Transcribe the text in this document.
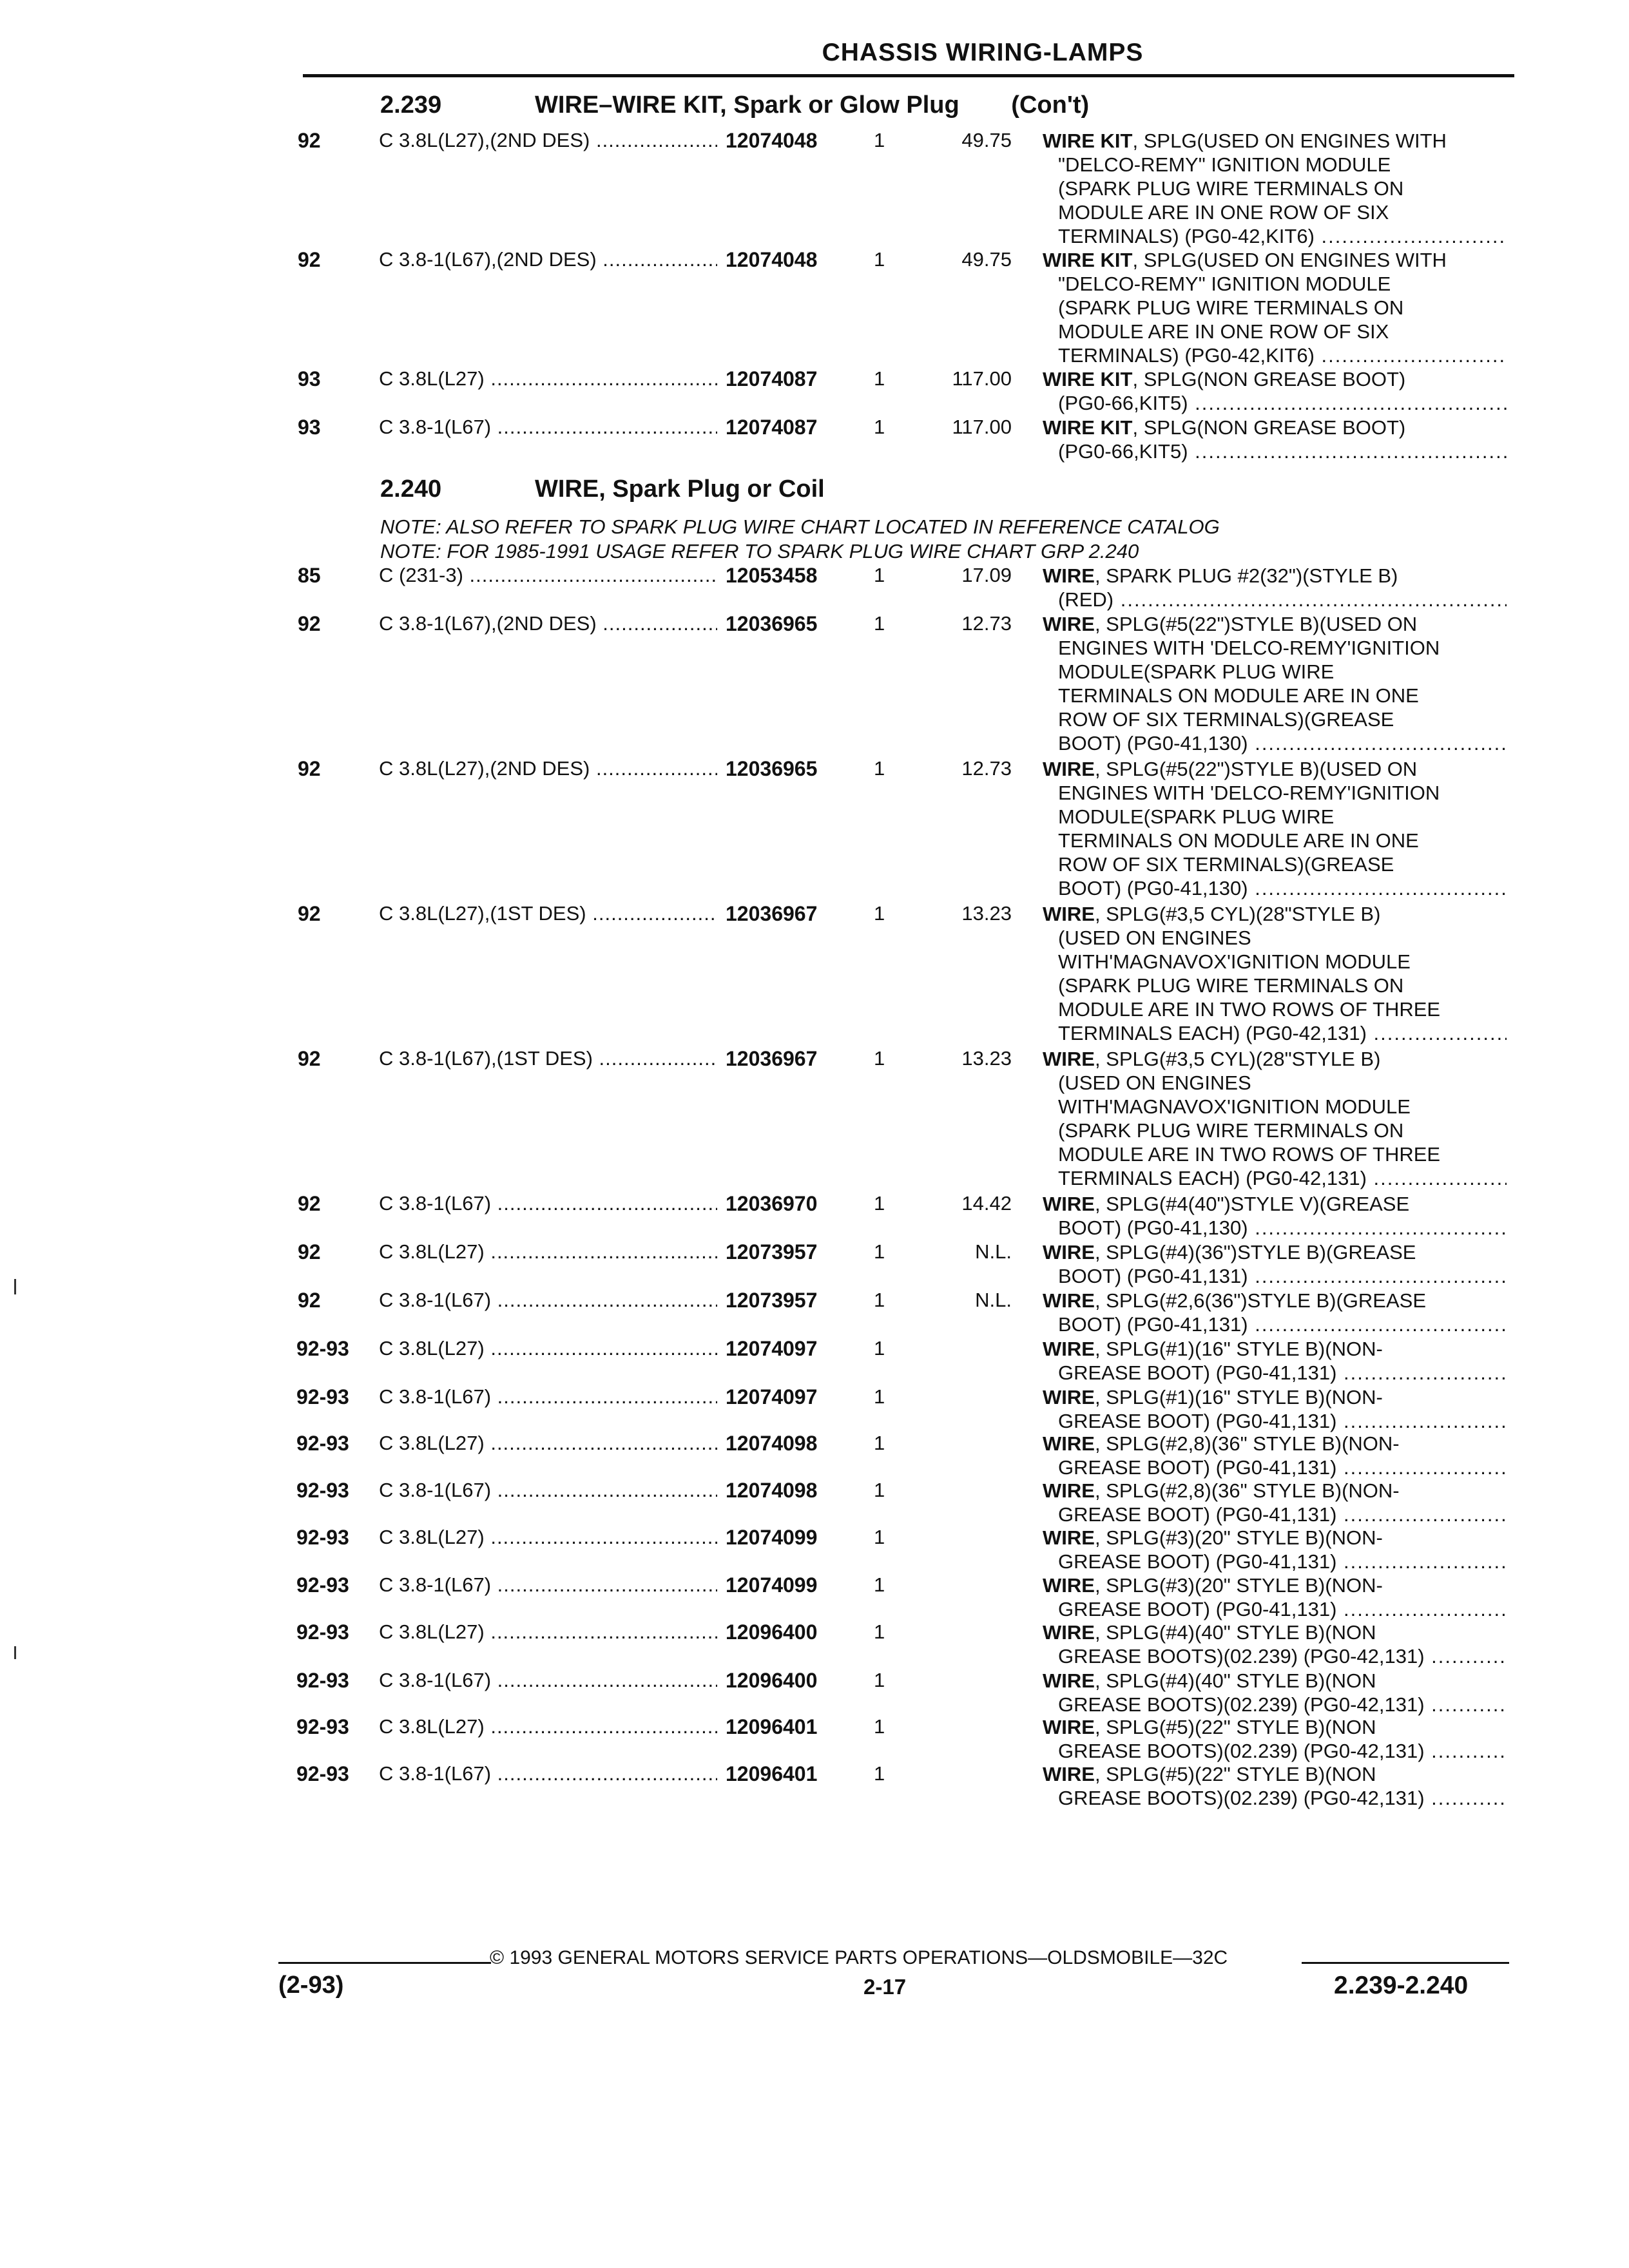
CHASSIS WIRING-LAMPS
2.239	WIRE–WIRE KIT, Spark or Glow Plug (Con't)
92	C 3.8L(L27),(2ND DES) .....	12074048	1	49.75 WIRE KIT, SPLG(USED ON ENGINES WITH
"DELCO-REMY" IGNITION MODULE
(SPARK PLUG WIRE TERMINALS ON
MODULE ARE IN ONE ROW OF SIX
TERMINALS) (PG0-42,KIT6) .....
92	C 3.8-1(L67),(2ND DES) .....	12074048	1	49.75 WIRE KIT, SPLG(USED ON ENGINES WITH
"DELCO-REMY" IGNITION MODULE
(SPARK PLUG WIRE TERMINALS ON
MODULE ARE IN ONE ROW OF SIX
TERMINALS) (PG0-42,KIT6) .....
93	C 3.8L(L27) .....	12074087	1	117.00 WIRE KIT, SPLG(NON GREASE BOOT)
(PG0-66,KIT5) .....
93	C 3.8-1(L67) .....	12074087	1	117.00 WIRE KIT, SPLG(NON GREASE BOOT)
(PG0-66,KIT5) .....
2.240	WIRE, Spark Plug or Coil
NOTE: ALSO REFER TO SPARK PLUG WIRE CHART LOCATED IN REFERENCE CATALOG
NOTE: FOR 1985-1991 USAGE REFER TO SPARK PLUG WIRE CHART GRP 2.240
85	C (231-3) .....	12053458	1	17.09 WIRE, SPARK PLUG #2(32")(STYLE B)
(RED) .....
92	C 3.8-1(L67),(2ND DES) .....	12036965	1	12.73 WIRE, SPLG(#5(22")STYLE B)(USED ON
ENGINES WITH 'DELCO-REMY'IGNITION
MODULE(SPARK PLUG WIRE
TERMINALS ON MODULE ARE IN ONE
ROW OF SIX TERMINALS)(GREASE
BOOT) (PG0-41,130) .....
92	C 3.8L(L27),(2ND DES) .....	12036965	1	12.73 WIRE, SPLG(#5(22")STYLE B)(USED ON
ENGINES WITH 'DELCO-REMY'IGNITION
MODULE(SPARK PLUG WIRE
TERMINALS ON MODULE ARE IN ONE
ROW OF SIX TERMINALS)(GREASE
BOOT) (PG0-41,130) .....
92	C 3.8L(L27),(1ST DES) .....	12036967	1	13.23 WIRE, SPLG(#3,5 CYL)(28"STYLE B)
(USED ON ENGINES
WITH'MAGNAVOX'IGNITION MODULE
(SPARK PLUG WIRE TERMINALS ON
MODULE ARE IN TWO ROWS OF THREE
TERMINALS EACH) (PG0-42,131) .....
92	C 3.8-1(L67),(1ST DES) .....	12036967	1	13.23 WIRE, SPLG(#3,5 CYL)(28"STYLE B)
(USED ON ENGINES
WITH'MAGNAVOX'IGNITION MODULE
(SPARK PLUG WIRE TERMINALS ON
MODULE ARE IN TWO ROWS OF THREE
TERMINALS EACH) (PG0-42,131) .....
92	C 3.8-1(L67) .....	12036970	1	14.42 WIRE, SPLG(#4(40")STYLE V)(GREASE
BOOT) (PG0-41,130) .....
92	C 3.8L(L27) .....	12073957	1	N.L. WIRE, SPLG(#4)(36")STYLE B)(GREASE
BOOT) (PG0-41,131) .....
92	C 3.8-1(L67) .....	12073957	1	N.L. WIRE, SPLG(#2,6(36")STYLE B)(GREASE
BOOT) (PG0-41,131) .....
92-93 C 3.8L(L27) .....	12074097	1	WIRE, SPLG(#1)(16" STYLE B)(NON-
GREASE BOOT) (PG0-41,131) .....
92-93 C 3.8-1(L67) .....	12074097	1	WIRE, SPLG(#1)(16" STYLE B)(NON-
GREASE BOOT) (PG0-41,131) .....
92-93 C 3.8L(L27) .....	12074098	1	WIRE, SPLG(#2,8)(36" STYLE B)(NON-
GREASE BOOT) (PG0-41,131) .....
92-93 C 3.8-1(L67) .....	12074098	1	WIRE, SPLG(#2,8)(36" STYLE B)(NON-
GREASE BOOT) (PG0-41,131) .....
92-93 C 3.8L(L27) .....	12074099	1	WIRE, SPLG(#3)(20" STYLE B)(NON-
GREASE BOOT) (PG0-41,131) .....
92-93 C 3.8-1(L67) .....	12074099	1	WIRE, SPLG(#3)(20" STYLE B)(NON-
GREASE BOOT) (PG0-41,131) .....
92-93 C 3.8L(L27) .....	12096400	1	WIRE, SPLG(#4)(40" STYLE B)(NON
GREASE BOOTS)(02.239) (PG0-42,131) .....
92-93 C 3.8-1(L67) .....	12096400	1	WIRE, SPLG(#4)(40" STYLE B)(NON
GREASE BOOTS)(02.239) (PG0-42,131) .....
92-93 C 3.8L(L27) .....	12096401	1	WIRE, SPLG(#5)(22" STYLE B)(NON
GREASE BOOTS)(02.239) (PG0-42,131) .....
92-93 C 3.8-1(L67) .....	12096401	1	WIRE, SPLG(#5)(22" STYLE B)(NON
GREASE BOOTS)(02.239) (PG0-42,131) .....
© 1993 GENERAL MOTORS SERVICE PARTS OPERATIONS—OLDSMOBILE—32C
(2-93)	2-17	2.239-2.240
